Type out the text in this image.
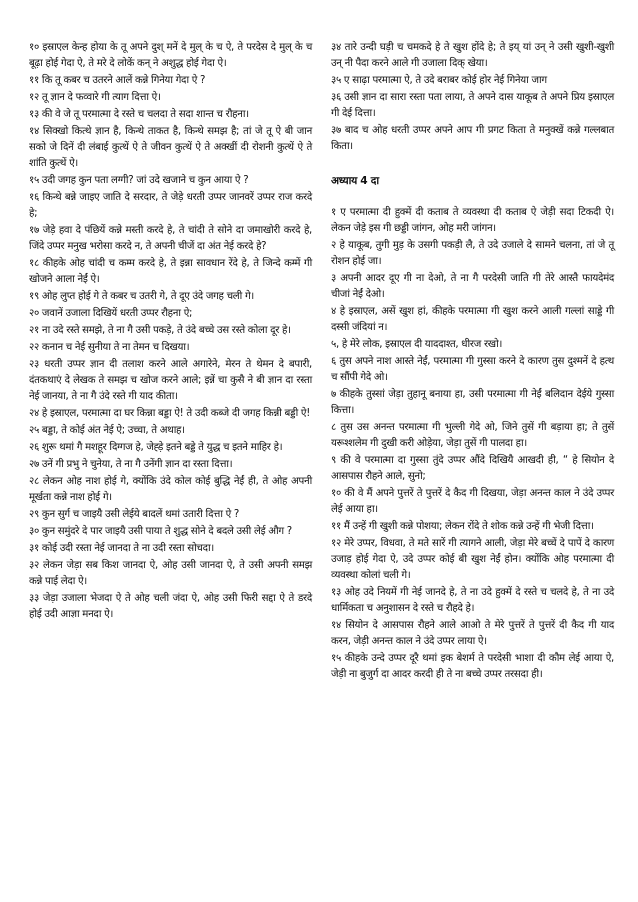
१० इस्राएल केन्ह होया के तू अपने दुश् मनें दे मुल् के च ऐ, ते परदेस दे मुल् के च बूढ़ा होई गेदा ऐ, ते मरे दे लोकें कन् ने अशुद्ध होई गेदा ऐ।

११ कि तू कबर च उतरने आलें कन्ने गिनेया गेदा ऐ ?

१२ तू ज्ञान दे फव्वारे गी त्याग दित्ता ऐ।

१३ की वे जे तू परमात्मा दे रस्ते च चलदा ते सदा शान्त च रौहना।

१४ सिक्खो कित्थे ज्ञान है, किन्थे ताकत है, किन्थे समझ है; तां जे तू ऐ बी जान सको जे दिनें दी लंबाई कुत्थें ऐ ते जीवन कुत्थें ऐ ते अक्खीं दी रोशनी कुत्थें ऐ ते शांति कुत्थें ऐ।

१५ उदी जगह कुन पता लग्गी? जां उदे खजाने च कुन आया ऐ ?

१६ किन्थे बन्ने जाइए जाति दे सरदार, ते जेड़े धरती उप्पर जानवरें उप्पर राज करदे हे;

१७ जेड़े हवा दे पंछियें कन्ने मस्ती करदे हे, ते चांदी ते सोने दा जमाखोरी करदे हे, जिंदे उप्पर मनुख भरोसा करदे न, ते अपनी चीजें दा अंत नेई करदे हे?

१८ कीहके ओह चांदी च कम्म करदे हे, ते इन्ना सावधान रेंदे हे, ते जिन्दे कम्में गी खोजने आला नेईं ऐ।

१९ ओह लुप्त होई गे ते कबर च उतरी गे, ते दूए उंदे जगह चली गे।

२० जवानें उजाला दिखियें धरती उप्पर रौहना ऐ;

२१ ना उदे रस्ते समझे, ते ना गै उसी पकड़े, ते उंदे बच्चे उस रस्ते कोला दूर हे।

२२ कनान च नेई सुनीया ते ना तेमन च दिखया।

२३ धरती उप्पर ज्ञान दी तलाश करने आले अगारेने, मेरन ते थेमन दे बपारी, दंतकथाएं दे लेखक ते समझ च खोज करने आले; इन्नें चा कुसै ने बी ज्ञान दा रस्ता नेई जानया, ते ना गै उंदे रस्ते गी याद कीता।

२४ हे इस्राएल, परमात्मा दा घर किन्ना बड्डा ऐ! ते उदी कब्जे दी जगह किन्नी बड्डी ऐ!

२५ बड्डा, ते कोई अंत नेई ऐ; उच्चा, ते अथाह।

२६ शुरू थमां गै मशहूर दिग्गज हे, जेह्ड़े इतने बड्डे ते युद्ध च इतने माहिर हे।

२७ उनें गी प्रभु ने चुनेया, ते ना गै उनेंगी ज्ञान दा रस्ता दित्ता।

२८ लेकन ओह नाश होई गे, क्योंकि उंदे कोल कोई बुद्धि नेईं ही, ते ओह अपनी मूर्खता कन्ने नाश होई गे।

२९ कुन सुर्ग च जाइयै उसी लेईये बादलें थमां उतारी दित्ता ऐ ?

३० कुन समुंदरे दे पार जाइयै उसी पाया ते शुद्ध सोने दे बदले उसी लेई औग ?

३१ कोई उदी रस्ता नेई जानदा ते ना उदी रस्ता सोचदा।

३२ लेकन जेड़ा सब किश जानदा ऐ, ओह उसी जानदा ऐ, ते उसी अपनी समझ कन्ने पाई लेदा ऐ।

३३ जेड़ा उजाला भेजदा ऐ ते ओह चली जंदा ऐ, ओह उसी फिरी सद्दा ऐ ते डरदे होई उदी आज्ञा मनदा ऐ।

३४ तारे उन्दी घड़ी च चमकदे हे ते खुश होंदे हे; ते इय् यां उन् ने उसी खुशी-खुशी उन् नी पैदा करने आले गी उजाला दिक् खेया।

३५ ए साढ़ा परमात्मा ऐ, ते उदे बराबर कोई होर नेई गिनेया जाग

३६ उसी ज्ञान दा सारा रस्ता पता लाया, ते अपने दास याकूब ते अपने प्रिय इस्राएल गी देई दित्ता।

३७ बाद च ओह धरती उप्पर अपने आप गी प्रगट किता ते मनुक्खें कन्ने गल्लबात किता।

अध्याय 4 दा

१ ए परमात्मा दी हुक्में दी कताब ते व्यवस्था दी कताब ऐ जेड़ी सदा टिकदी ऐ। लेकन जेड़े इस गी छड्डी जांगन, ओह मरी जांगन।

२ हे याकूब, तुगी मुड़ के उसगी पकड़ी लै, ते उदे उजाले दे सामने चलना, तां जे तू रोशन होई जा।

३ अपनी आदर दूए गी ना देओ, ते ना गै परदेसी जाति गी तेरे आस्तै फायदेमंद चीजां नेईं देओ।

४ हे इस्राएल, असें खुश हां, कीहके परमात्मा गी खुश करने आली गल्लां साड्डे गी दस्सी जंदियां न।

५, हे मेरे लोक, इस्राएल दी याददाश्त, धीरज रखो।

६ तुस अपने नाश आस्ते नेईं, परमात्मा गी गुस्सा करने दे कारण तुस दुश्मनें दे हत्थ च सौंपी गेदे ओ।

७ कीहके तुस्सां जेड़ा तुहानू बनाया हा, उसी परमात्मा गी नेईं बलिदान देईये गुस्सा कित्ता।

८ तुस उस अनन्त परमात्मा गी भुल्ली गेदे ओ, जिने तुसें गी बड़ाया हा; ते तुसें यरूश्शलेम गी दुखी करी ओड़ेया, जेड़ा तुसें गी पालदा हा।

९ की वे परमात्मा दा गुस्सा तुंदे उप्पर औंदे दिखियै आखदी ही, “ हे सियोन दे आसपास रौहने आले, सुनो;

१० की वे मैं अपने पुत्तरें ते पुत्तरें दे कैद गी दिखया, जेड़ा अनन्त काल ने उंदे उप्पर लेई आया हा।

११ मैं उन्हें गी खुशी कन्ने पोशया; लेकन रोंदे ते शोक कन्ने उन्हें गी भेजी दित्ता।

१२ मेरे उप्पर, विधवा, ते मते सारें गी त्यागने आली, जेड़ा मेरे बच्चें दे पापें दे कारण उजाड़ होई गेदा ऐ, उदे उप्पर कोई बी खुश नेईं होन। क्योंकि ओह परमात्मा दी व्यवस्था कोलां चली गे।

१३ ओह उदे नियमें गी नेई जानदे हे, ते ना उदे हुक्में दे रस्ते च चलदे हे, ते ना उदे धार्मिकता च अनुशासन दे रस्ते च रौहदे हे।

१४ सियोन दे आसपास रौहने आले आओ ते मेरे पुत्तरें ते पुत्तरें दी कैद गी याद करन, जेड़ी अनन्त काल ने उंदे उप्पर लाया ऐ।

१५ कीहके उन्दे उप्पर दूरै थमां इक बेशर्म ते परदेसी भाशा दी कौम लेई आया ऐ, जेड़ी ना बुजुर्ग दा आदर करदी ही ते ना बच्चे उप्पर तरसदा ही।
